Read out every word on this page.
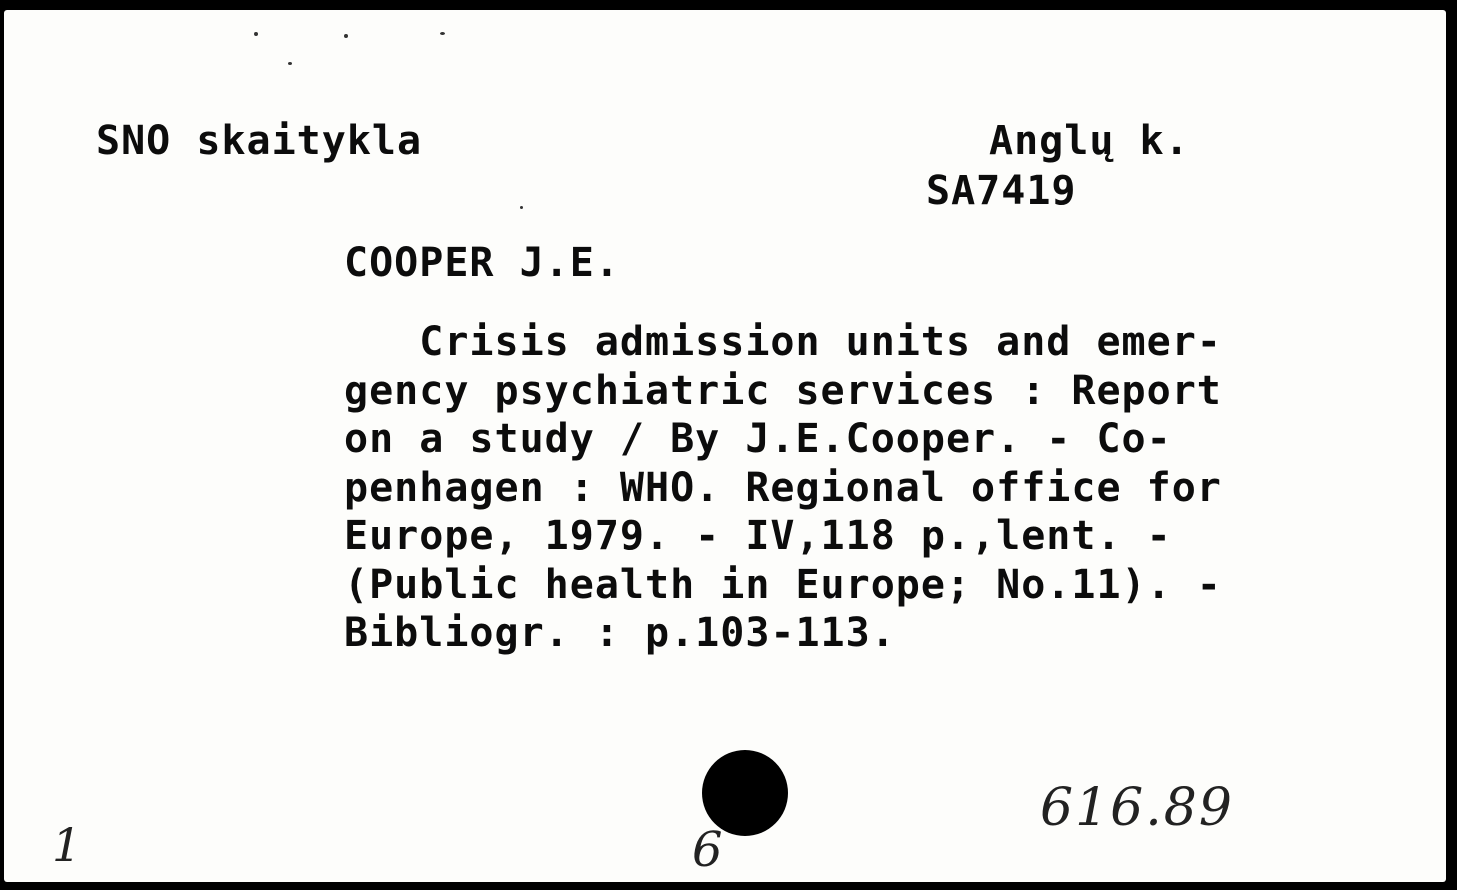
SNO skaitykla	Anglų k.
SA7419
COOPER J.E.
Crisis admission units and emer-
gency psychiatric services : Report
on a study / By J.E.Cooper. - Co-
penhagen : WHO. Regional office for
Europe, 1979. - IV,118 p.,lent. -
(Public health in Europe; No.11). -
Bibliogr. : p.103-113.
1	6
616.89
